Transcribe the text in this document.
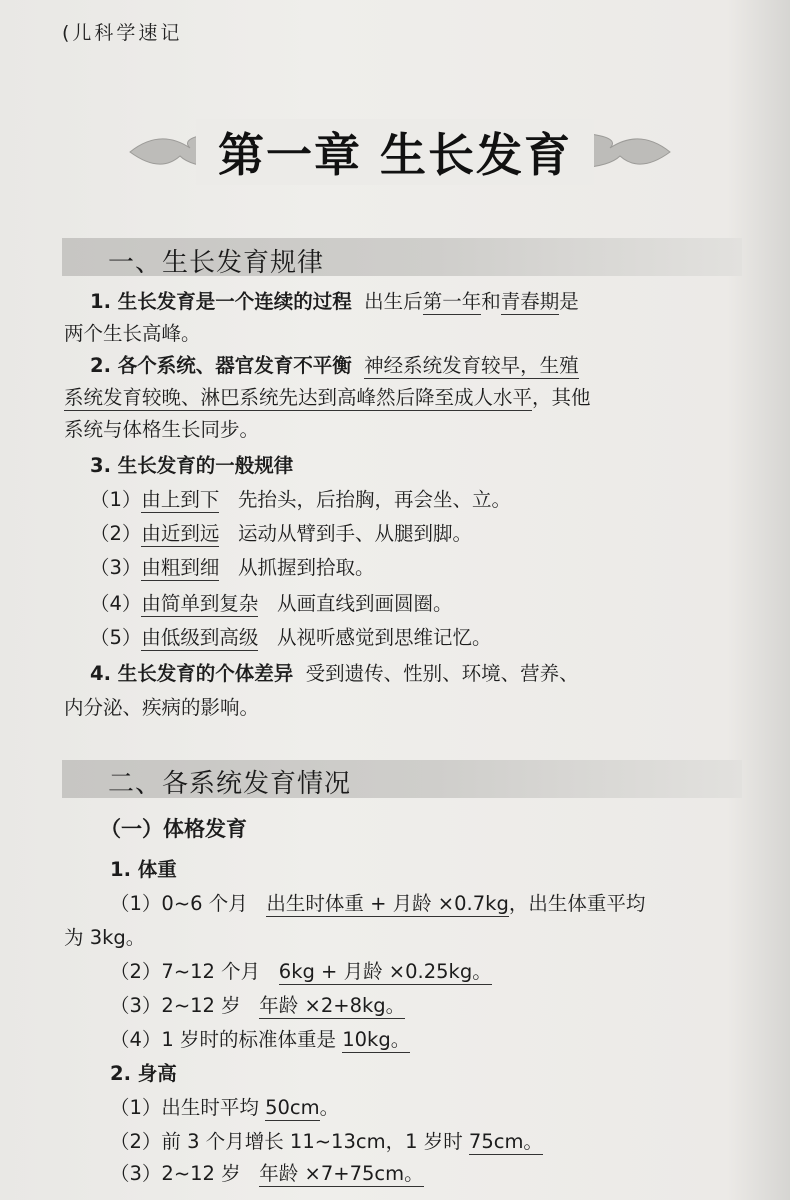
(儿科学速记
第一章 生长发育
一、生长发育规律
1. 生长发育是一个连续的过程 出生后第一年和青春期是
两个生长高峰。
2. 各个系统、器官发育不平衡 神经系统发育较早，生殖
系统发育较晚、淋巴系统先达到高峰然后降至成人水平，其他
系统与体格生长同步。
3. 生长发育的一般规律
（1）由上到下 先抬头，后抬胸，再会坐、立。
（2）由近到远 运动从臂到手、从腿到脚。
（3）由粗到细 从抓握到拾取。
（4）由简单到复杂 从画直线到画圆圈。
（5）由低级到高级 从视听感觉到思维记忆。
4. 生长发育的个体差异 受到遗传、性别、环境、营养、
内分泌、疾病的影响。
二、各系统发育情况
（一）体格发育
1. 体重
（1）0~6 个月 出生时体重 + 月龄 ×0.7kg，出生体重平均
为 3kg。
（2）7~12 个月 6kg + 月龄 ×0.25kg。
（3）2~12 岁 年龄 ×2+8kg。
（4）1 岁时的标准体重是 10kg。
2. 身高
（1）出生时平均 50cm。
（2）前 3 个月增长 11~13cm，1 岁时 75cm。
（3）2~12 岁 年龄 ×7+75cm。
